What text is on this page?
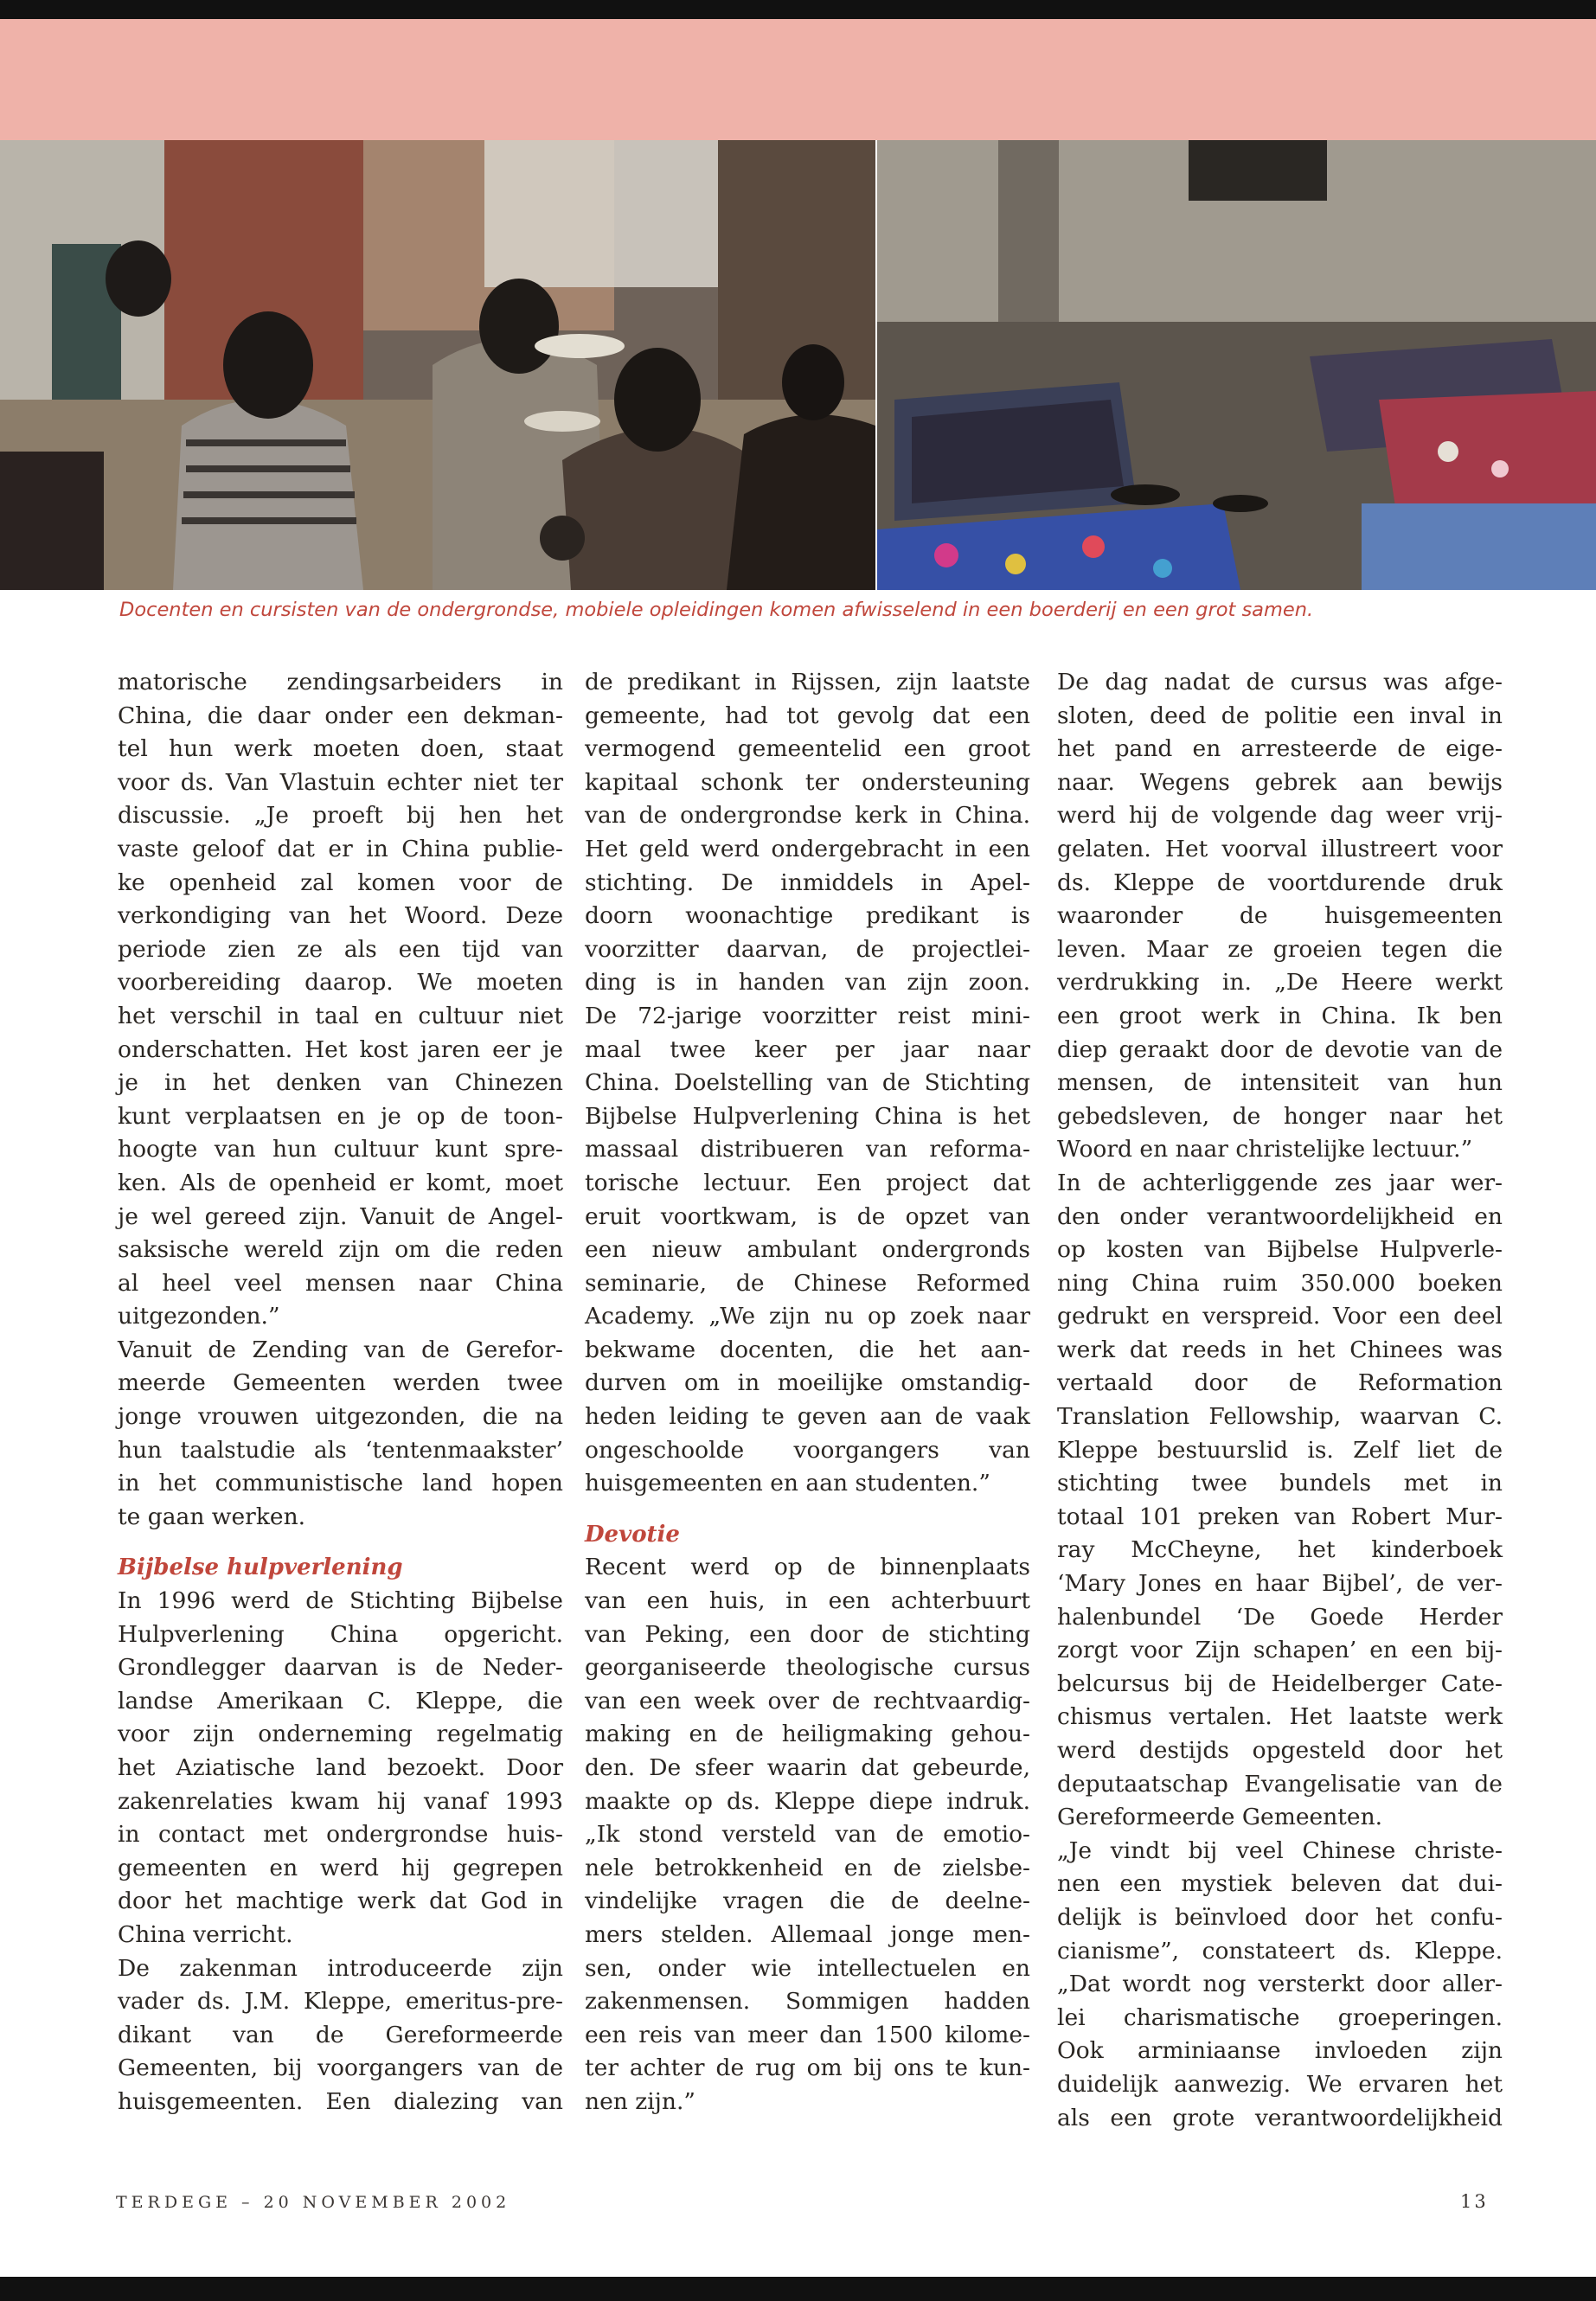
Docenten en cursisten van de ondergrondse, mobiele opleidingen komen afwisselend in een boerderij en een grot samen.

matorische zendingsarbeiders in
China, die daar onder een dekman-
tel hun werk moeten doen, staat
voor ds. Van Vlastuin echter niet ter
discussie. „Je proeft bij hen het
vaste geloof dat er in China publie-
ke openheid zal komen voor de
verkondiging van het Woord. Deze
periode zien ze als een tijd van
voorbereiding daarop. We moeten
het verschil in taal en cultuur niet
onderschatten. Het kost jaren eer je
je in het denken van Chinezen
kunt verplaatsen en je op de toon-
hoogte van hun cultuur kunt spre-
ken. Als de openheid er komt, moet
je wel gereed zijn. Vanuit de Angel-
saksische wereld zijn om die reden
al heel veel mensen naar China
uitgezonden.”

Vanuit de Zending van de Gerefor-
meerde Gemeenten werden twee
jonge vrouwen uitgezonden, die na
hun taalstudie als ‘tentenmaakster’
in het communistische land hopen
te gaan werken.

Bijbelse hulpverlening

In 1996 werd de Stichting Bijbelse
Hulpverlening China opgericht.
Grondlegger daarvan is de Neder-
landse Amerikaan C. Kleppe, die
voor zijn onderneming regelmatig
het Aziatische land bezoekt. Door
zakenrelaties kwam hij vanaf 1993
in contact met ondergrondse huis-
gemeenten en werd hij gegrepen
door het machtige werk dat God in
China verricht.

De zakenman introduceerde zijn
vader ds. J.M. Kleppe, emeritus-pre-
dikant van de Gereformeerde
Gemeenten, bij voorgangers van de
huisgemeenten. Een dialezing van

de predikant in Rijssen, zijn laatste
gemeente, had tot gevolg dat een
vermogend gemeentelid een groot
kapitaal schonk ter ondersteuning
van de ondergrondse kerk in China.
Het geld werd ondergebracht in een
stichting. De inmiddels in Apel-
doorn woonachtige predikant is
voorzitter daarvan, de projectlei-
ding is in handen van zijn zoon.
De 72-jarige voorzitter reist mini-
maal twee keer per jaar naar
China. Doelstelling van de Stichting
Bijbelse Hulpverlening China is het
massaal distribueren van reforma-
torische lectuur. Een project dat
eruit voortkwam, is de opzet van
een nieuw ambulant ondergronds
seminarie, de Chinese Reformed
Academy. „We zijn nu op zoek naar
bekwame docenten, die het aan-
durven om in moeilijke omstandig-
heden leiding te geven aan de vaak
ongeschoolde voorgangers van
huisgemeenten en aan studenten.”

Devotie

Recent werd op de binnenplaats
van een huis, in een achterbuurt
van Peking, een door de stichting
georganiseerde theologische cursus
van een week over de rechtvaardig-
making en de heiligmaking gehou-
den. De sfeer waarin dat gebeurde,
maakte op ds. Kleppe diepe indruk.
„Ik stond versteld van de emotio-
nele betrokkenheid en de zielsbe-
vindelijke vragen die de deelne-
mers stelden. Allemaal jonge men-
sen, onder wie intellectuelen en
zakenmensen. Sommigen hadden
een reis van meer dan 1500 kilome-
ter achter de rug om bij ons te kun-
nen zijn.”

De dag nadat de cursus was afge-
sloten, deed de politie een inval in
het pand en arresteerde de eige-
naar. Wegens gebrek aan bewijs
werd hij de volgende dag weer vrij-
gelaten. Het voorval illustreert voor
ds. Kleppe de voortdurende druk
waaronder de huisgemeenten
leven. Maar ze groeien tegen die
verdrukking in. „De Heere werkt
een groot werk in China. Ik ben
diep geraakt door de devotie van de
mensen, de intensiteit van hun
gebedsleven, de honger naar het
Woord en naar christelijke lectuur.”

In de achterliggende zes jaar wer-
den onder verantwoordelijkheid en
op kosten van Bijbelse Hulpverle-
ning China ruim 350.000 boeken
gedrukt en verspreid. Voor een deel
werk dat reeds in het Chinees was
vertaald door de Reformation
Translation Fellowship, waarvan C.
Kleppe bestuurslid is. Zelf liet de
stichting twee bundels met in
totaal 101 preken van Robert Mur-
ray McCheyne, het kinderboek
‘Mary Jones en haar Bijbel’, de ver-
halenbundel ‘De Goede Herder
zorgt voor Zijn schapen’ en een bij-
belcursus bij de Heidelberger Cate-
chismus vertalen. Het laatste werk
werd destijds opgesteld door het
deputaatschap Evangelisatie van de
Gereformeerde Gemeenten.

„Je vindt bij veel Chinese christe-
nen een mystiek beleven dat dui-
delijk is beïnvloed door het confu-
cianisme”, constateert ds. Kleppe.
„Dat wordt nog versterkt door aller-
lei charismatische groeperingen.
Ook arminiaanse invloeden zijn
duidelijk aanwezig. We ervaren het
als een grote verantwoordelijkheid

TERDEGE – 20 NOVEMBER 2002	13
